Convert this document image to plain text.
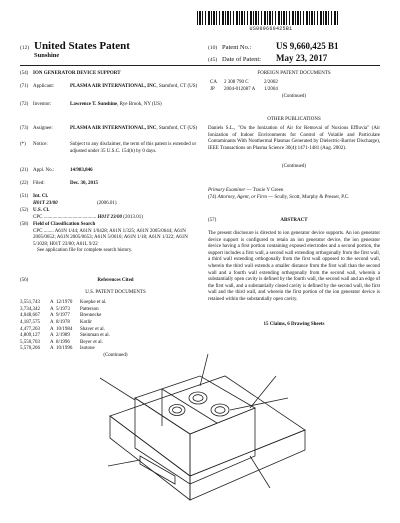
US009660425B1
(12) United States Patent
Sunshine
(10) Patent No.:	US 9,660,425 B1
(45) Date of Patent:	May 23, 2017
(54) ION GENERATOR DEVICE SUPPORT
(71) Applicant:	PLASMA AIR INTERNATIONAL, INC, Stamford, CT (US)
(72) Inventor:	Lawrence T. Sunshine, Rye Brook, NY (US)
(73) Assignee:	PLASMA AIR INTERNATIONAL, INC, Stamford, CT (US)
(*)	Notice:	Subject to any disclaimer, the term of this patent is extended or adjusted under 35 U.S.C. 154(b) by 0 days.
(21) Appl. No.:	14/983,846
(22) Filed:	Dec. 30, 2015
(51) Int. Cl.
H01T 23/00	(2006.01)
(52) U.S. Cl.
CPC .......................................... H01T 23/00 (2013.01)
(58) Field of Classification Search
CPC ........ A61N 1/44; A61N 1/0428; A61N 1/325; A61N 2005/0644; A61N 2005/0652; A61N 2005/0653; A61N 5/0616; A61N 1/18; A61N 1/322; A61N 5/1028; H01T 23/00; A61L 9/22
See application file for complete search history.
(56)	References Cited
U.S. PATENT DOCUMENTS
3,551,743	A 12/1970	Koepke et al.
3,734,342	A 5/1973	Patterson
4,048,667	A 9/1977	Brennecke
4,187,575	A 8/1978	Kotlir
4,477,263	A 10/1984	Shaver et al.
4,809,127	A 2/1989	Steinman et al.
5,550,703	A 8/1996	Beyer et al.
5,570,266	A 10/1996	Isotone
(Continued)
FOREIGN PATENT DOCUMENTS
CA	2 308 790 C	2/2002
JP	2004-012087 A	1/2004
(Continued)
OTHER PUBLICATIONS
Daniels S.L., "On the Ionization of Air for Removal of Noxious Effluvia" (Air Ionization of Indoor Environments for Control of Volatile and Particulate Contaminants With Nonthermal Plasmas Generated by Dielectric-Barrier Discharge), IEEE Transactions on Plasma Science 30(4):1471-1481 (Aug. 2002).
(Continued)
Primary Examiner — Tracie Y Green
(74) Attorney, Agent, or Firm — Scully, Scott, Murphy & Presser, P.C.
(57)	ABSTRACT
The present disclosure is directed to ion generator device supports. An ion generator device support is configured to retain an ion generator device, the ion generator device having a first portion containing exposed electrodes and a second portion, the support includes a first wall, a second wall extending orthogonally from the first wall, a third wall extending orthogonally from the first wall opposed to the second wall, wherein the third wall extends a smaller distance from the first wall than the second wall and a fourth wall extending orthogonally from the second wall, wherein a substantially open cavity is defined by the fourth wall, the second wall and an edge of the first wall, and a substantially closed cavity is defined by the second wall, the first wall and the third wall, and wherein the first portion of the ion generator device is retained within the substantially open cavity.
15 Claims, 6 Drawing Sheets
